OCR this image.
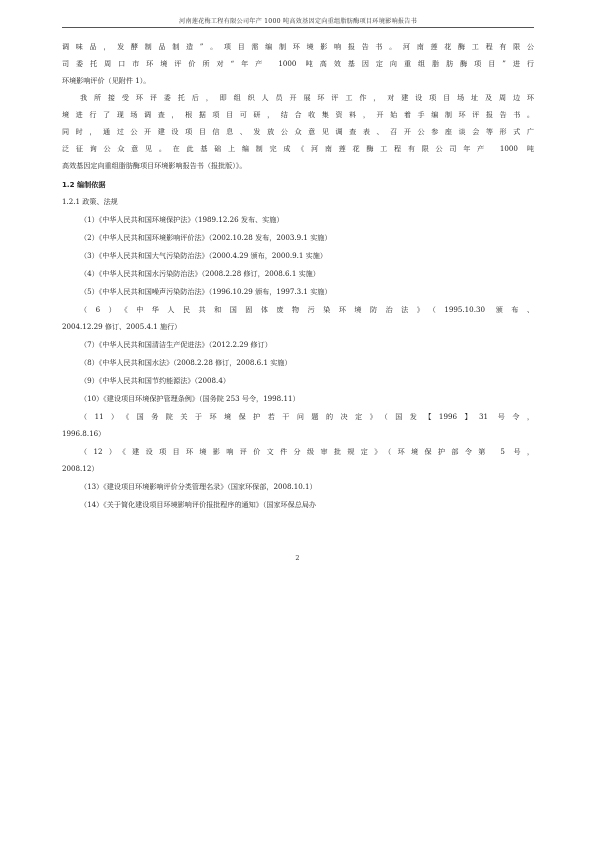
河南莲花梅工程有限公司年产 1000 吨高效基因定向重组脂肪酶项目环境影响报告书
调味品，发酵制品制造”。项目需编制环境影响报告书。河南莲花酶工程有限公
司委托周口市环境评价所对“年产 1000 吨高效基因定向重组脂肪酶项目”进行
环境影响评价（见附件 1）。
我所接受环评委托后，即组织人员开展环评工作，对建设项目场址及周边环
境进行了现场调查，根据项目可研，结合收集资料，开始着手编制环评报告书。
同时，通过公开建设项目信息、发放公众意见调查表、召开公参座谈会等形式广
泛征询公众意见。在此基础上编制完成《河南莲花酶工程有限公司年产 1000 吨
高效基因定向重组脂肪酶项目环境影响报告书（报批版）》。
1.2 编制依据
1.2.1 政策、法规
（1）《中华人民共和国环境保护法》（1989.12.26 发布、实施）
（2）《中华人民共和国环境影响评价法》（2002.10.28 发布，2003.9.1 实施）
（3）《中华人民共和国大气污染防治法》（2000.4.29 颁布，2000.9.1 实施）
（4）《中华人民共和国水污染防治法》（2008.2.28 修订，2008.6.1 实施）
（5）《中华人民共和国噪声污染防治法》（1996.10.29 颁布，1997.3.1 实施）
（6）《中华人民共和国固体废物污染环境防治法》（1995.10.30 颁布、
2004.12.29 修订、2005.4.1 施行）
（7）《中华人民共和国清洁生产促进法》（2012.2.29 修订）
（8）《中华人民共和国水法》（2008.2.28 修订，2008.6.1 实施）
（9）《中华人民共和国节约能源法》（2008.4）
（10）《建设项目环境保护管理条例》（国务院 253 号令，1998.11）
（11）《国务院关于环境保护若干问题的决定》（国发【1996】31 号令，
1996.8.16）
（12）《建设项目环境影响评价文件分级审批规定》（环境保护部令第 5 号，
2008.12）
（13）《建设项目环境影响评价分类管理名录》（国家环保部，2008.10.1）
（14）《关于简化建设项目环境影响评价报批程序的通知》（国家环保总局办
2
